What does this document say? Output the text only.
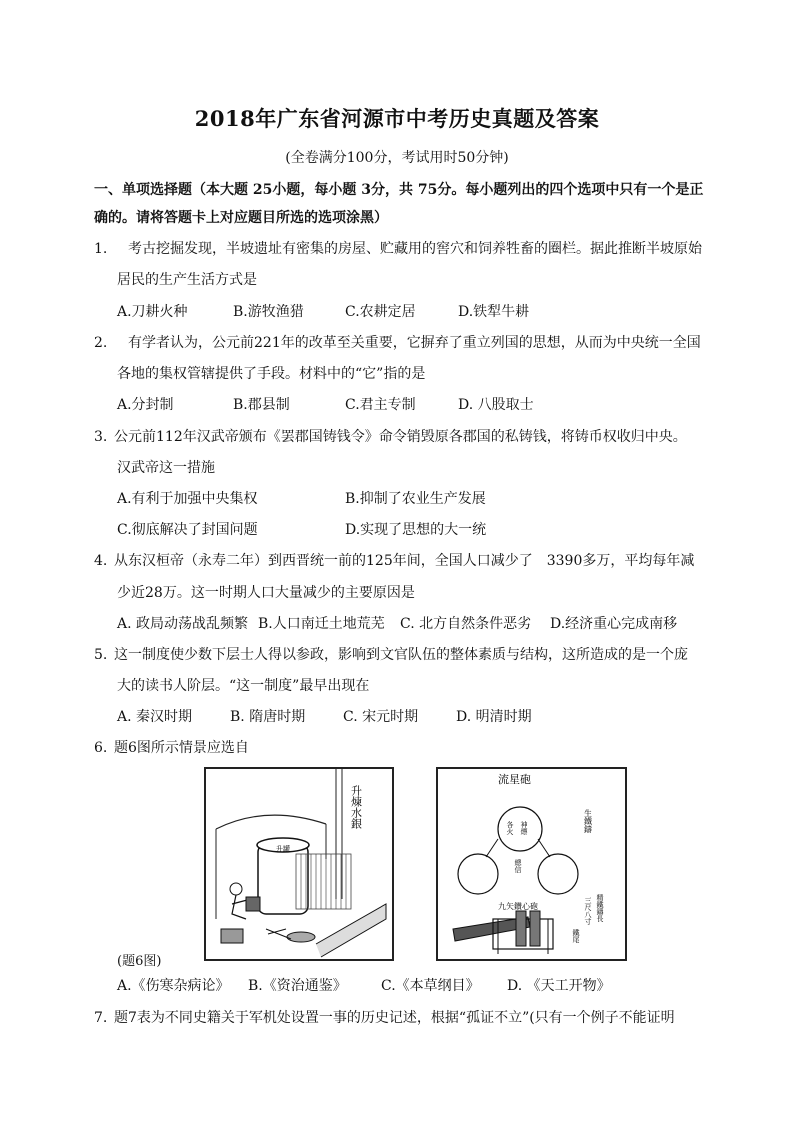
2018年广东省河源市中考历史真题及答案
(全卷满分100分，考试用时50分钟)
一、单项选择题（本大题 25小题，每小题 3分，共 75分。每小题列出的四个选项中只有一个是正
确的。请将答题卡上对应题目所选的选项涂黑）
1. 考古挖掘发现，半坡遗址有密集的房屋、贮藏用的窖穴和饲养牲畜的圈栏。据此推断半坡原始
居民的生产生活方式是
A.刀耕火种	B.游牧渔猎	C.农耕定居	D.铁犁牛耕
2. 有学者认为，公元前221年的改革至关重要，它摒弃了重立列国的思想，从而为中央统一全国
各地的集权管辖提供了手段。材料中的“它”指的是
A.分封制	B.郡县制	C.君主专制	D. 八股取士
3. 公元前112年汉武帝颁布《罢郡国铸钱令》命令销毁原各郡国的私铸钱，将铸币权收归中央。
汉武帝这一措施
A.有利于加强中央集权	B.抑制了农业生产发展
C.彻底解决了封国问题	D.实现了思想的大一统
4. 从东汉桓帝（永寿二年）到西晋统一前的125年间，全国人口减少了　3390多万，平均每年减
少近28万。这一时期人口大量减少的主要原因是
A. 政局动荡战乱频繁 B.人口南迁土地荒芜 C. 北方自然条件恶劣 D.经济重心完成南移
5. 这一制度使少数下层士人得以参政，影响到文官队伍的整体素质与结构，这所造成的是一个庞
大的读书人阶层。“这一制度”最早出现在
A. 秦汉时期	B. 隋唐时期	C. 宋元时期	D. 明清时期
6. 题6图所示情景应选自
升煉水銀
升罐
流星砲
生鐵鑄
各火 神熛
總信
九矢鑽心砲	三尺八寸 精鐵鑄長
鐵尾
(题6图)
A.《伤寒杂病论》 B.《资治通鉴》 C.《本草纲目》 D. 《天工开物》
7. 题7表为不同史籍关于军机处设置一事的历史记述，根据“孤证不立”(只有一个例子不能证明
